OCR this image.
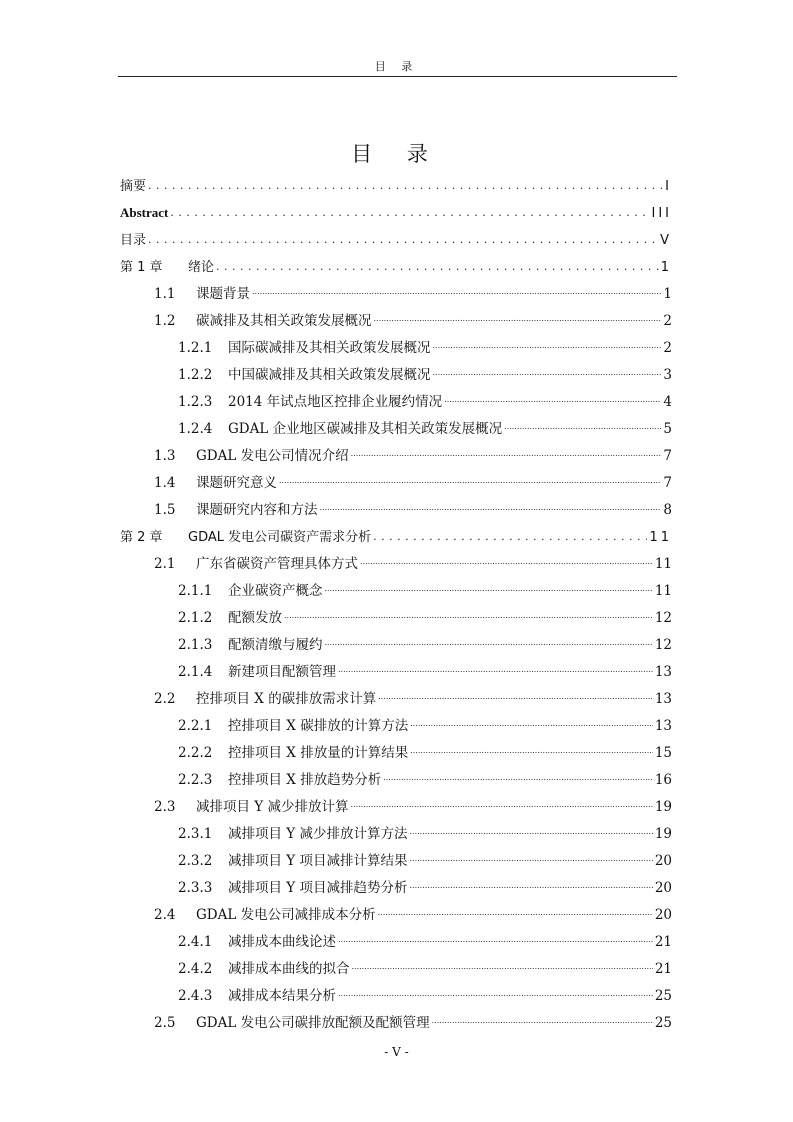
目 录
目 录
摘要 .....	I
Abstract .....	III
目录 .....	V
第 1 章	绪论 .....	1
1.1	课题背景 .....	1
1.2	碳减排及其相关政策发展概况 .....	2
1.2.1	国际碳减排及其相关政策发展概况 .....	2
1.2.2	中国碳减排及其相关政策发展概况 .....	3
1.2.3	2014 年试点地区控排企业履约情况 .....	4
1.2.4	GDAL 企业地区碳减排及其相关政策发展概况 .....	5
1.3	GDAL 发电公司情况介绍 .....	7
1.4	课题研究意义 .....	7
1.5	课题研究内容和方法 .....	8
第 2 章	GDAL 发电公司碳资产需求分析 .....	11
2.1	广东省碳资产管理具体方式 .....	11
2.1.1	企业碳资产概念 .....	11
2.1.2	配额发放 .....	12
2.1.3	配额清缴与履约 .....	12
2.1.4	新建项目配额管理 .....	13
2.2	控排项目 X 的碳排放需求计算 .....	13
2.2.1	控排项目 X 碳排放的计算方法 .....	13
2.2.2	控排项目 X 排放量的计算结果 .....	15
2.2.3	控排项目 X 排放趋势分析 .....	16
2.3	减排项目 Y 减少排放计算 .....	19
2.3.1	减排项目 Y 减少排放计算方法 .....	19
2.3.2	减排项目 Y 项目减排计算结果 .....	20
2.3.3	减排项目 Y 项目减排趋势分析 .....	20
2.4	GDAL 发电公司减排成本分析 .....	20
2.4.1	减排成本曲线论述 .....	21
2.4.2	减排成本曲线的拟合 .....	21
2.4.3	减排成本结果分析 .....	25
2.5	GDAL 发电公司碳排放配额及配额管理 .....	25
- V -
